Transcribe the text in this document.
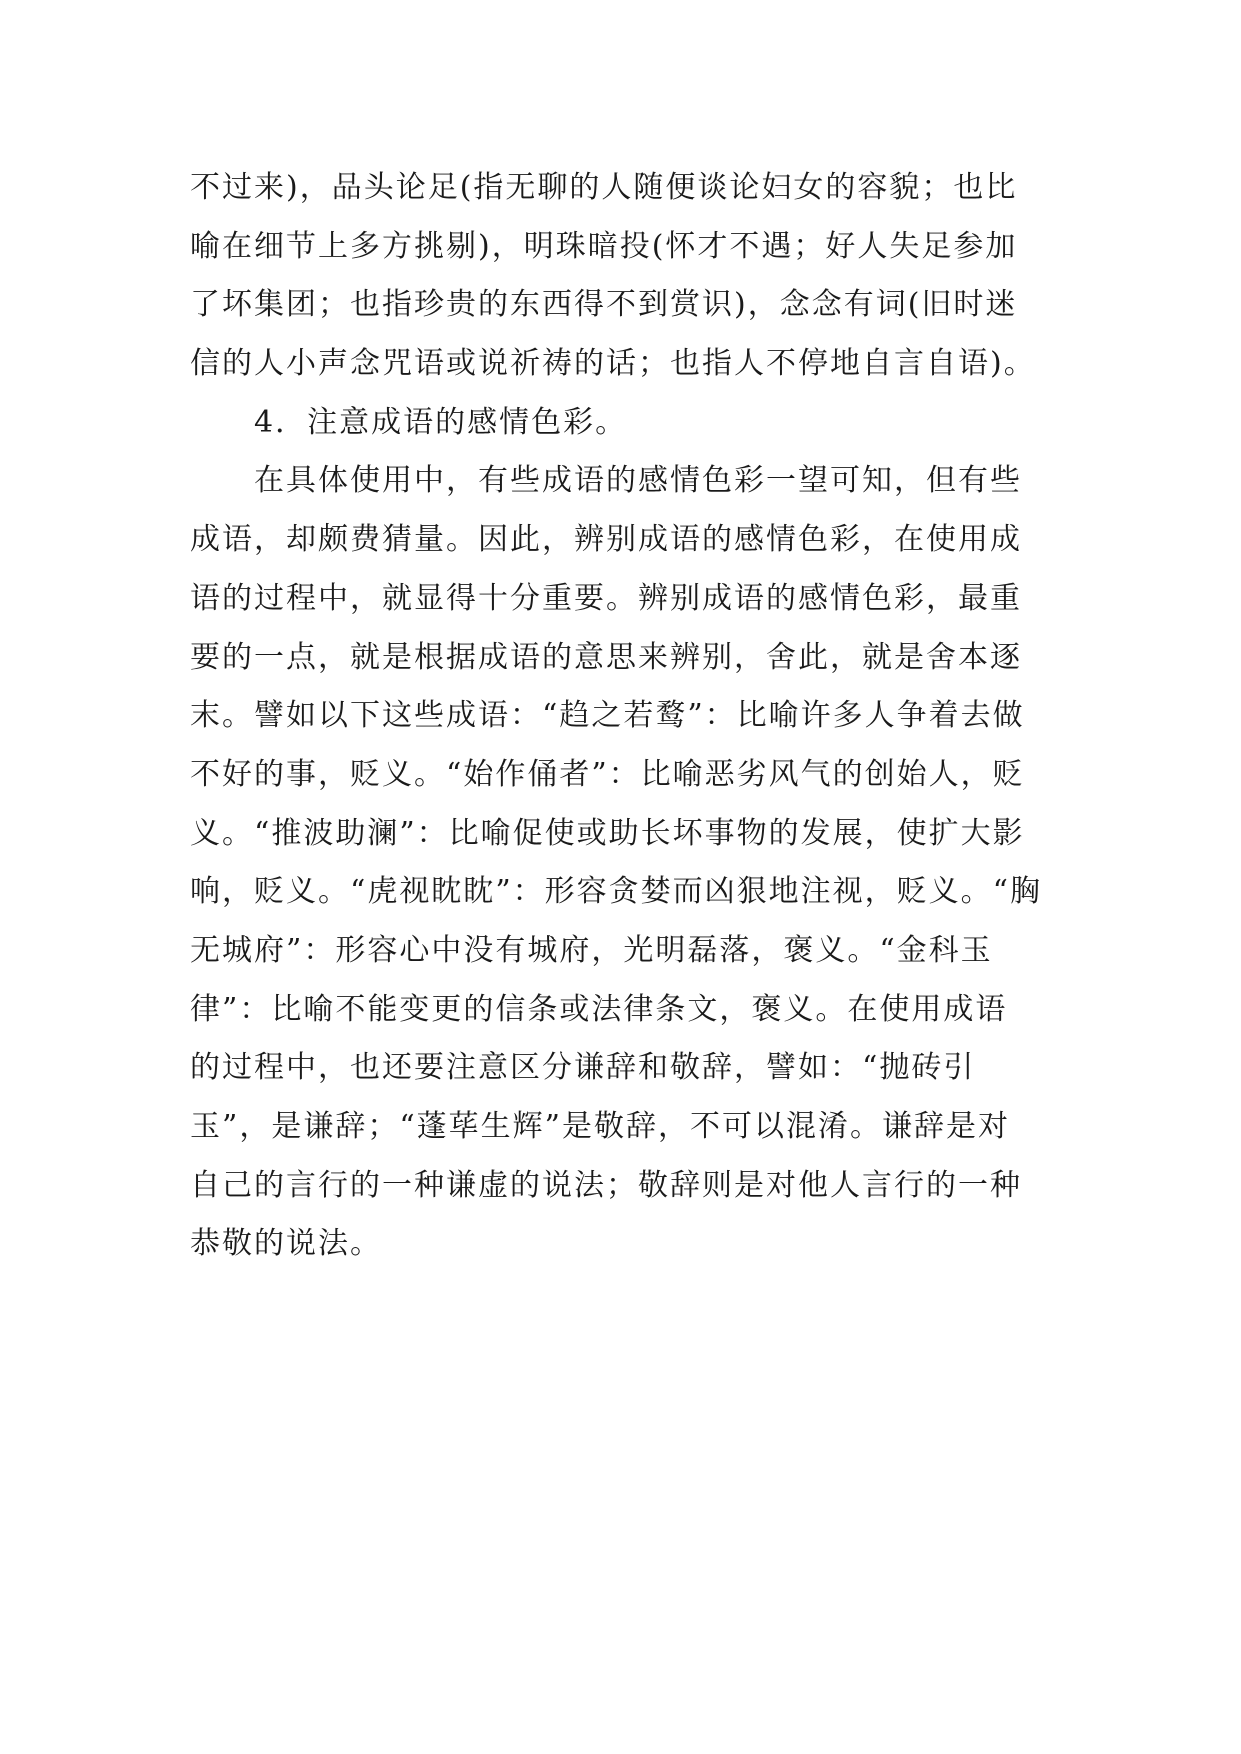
不过来)，品头论足(指无聊的人随便谈论妇女的容貌；也比
喻在细节上多方挑剔)，明珠暗投(怀才不遇；好人失足参加
了坏集团；也指珍贵的东西得不到赏识)，念念有词(旧时迷
信的人小声念咒语或说祈祷的话；也指人不停地自言自语)。
4．注意成语的感情色彩。
在具体使用中，有些成语的感情色彩一望可知，但有些
成语，却颇费猜量。因此，辨别成语的感情色彩，在使用成
语的过程中，就显得十分重要。辨别成语的感情色彩，最重
要的一点，就是根据成语的意思来辨别，舍此，就是舍本逐
末。譬如以下这些成语：“趋之若鹜”：比喻许多人争着去做
不好的事，贬义。“始作俑者”：比喻恶劣风气的创始人，贬
义。“推波助澜”：比喻促使或助长坏事物的发展，使扩大影
响，贬义。“虎视眈眈”：形容贪婪而凶狠地注视，贬义。“胸
无城府”：形容心中没有城府，光明磊落，褒义。“金科玉
律”：比喻不能变更的信条或法律条文，褒义。在使用成语
的过程中，也还要注意区分谦辞和敬辞，譬如：“抛砖引
玉”，是谦辞；“蓬荜生辉”是敬辞，不可以混淆。谦辞是对
自己的言行的一种谦虚的说法；敬辞则是对他人言行的一种
恭敬的说法。
